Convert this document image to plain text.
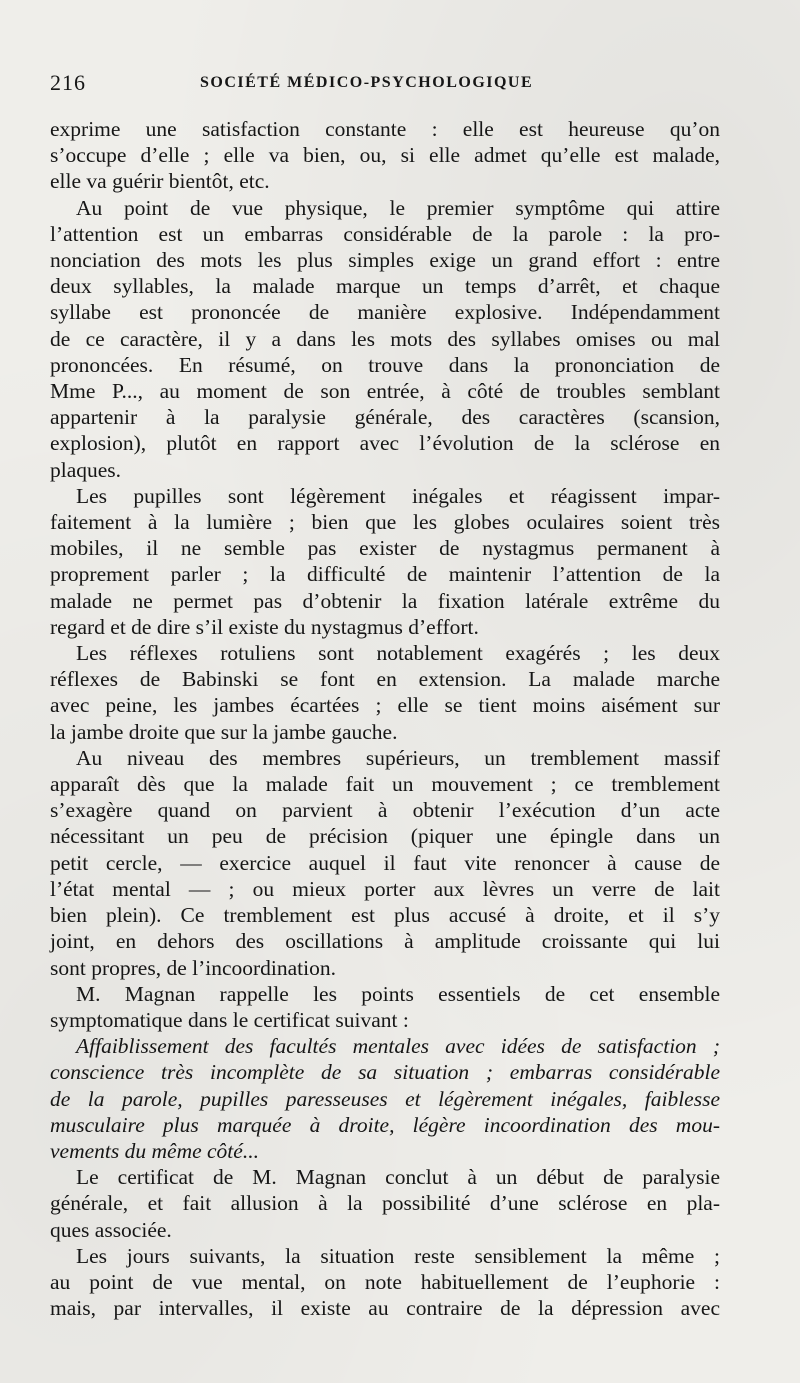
216	SOCIÉTÉ MÉDICO-PSYCHOLOGIQUE
exprime une satisfaction constante : elle est heureuse qu’on
s’occupe d’elle ; elle va bien, ou, si elle admet qu’elle est malade,
elle va guérir bientôt, etc.
Au point de vue physique, le premier symptôme qui attire
l’attention est un embarras considérable de la parole : la pro-
nonciation des mots les plus simples exige un grand effort : entre
deux syllables, la malade marque un temps d’arrêt, et chaque
syllabe est prononcée de manière explosive. Indépendamment
de ce caractère, il y a dans les mots des syllabes omises ou mal
prononcées. En résumé, on trouve dans la prononciation de
Mme P..., au moment de son entrée, à côté de troubles semblant
appartenir à la paralysie générale, des caractères (scansion,
explosion), plutôt en rapport avec l’évolution de la sclérose en
plaques.
Les pupilles sont légèrement inégales et réagissent impar-
faitement à la lumière ; bien que les globes oculaires soient très
mobiles, il ne semble pas exister de nystagmus permanent à
proprement parler ; la difficulté de maintenir l’attention de la
malade ne permet pas d’obtenir la fixation latérale extrême du
regard et de dire s’il existe du nystagmus d’effort.
Les réflexes rotuliens sont notablement exagérés ; les deux
réflexes de Babinski se font en extension. La malade marche
avec peine, les jambes écartées ; elle se tient moins aisément sur
la jambe droite que sur la jambe gauche.
Au niveau des membres supérieurs, un tremblement massif
apparaît dès que la malade fait un mouvement ; ce tremblement
s’exagère quand on parvient à obtenir l’exécution d’un acte
nécessitant un peu de précision (piquer une épingle dans un
petit cercle, — exercice auquel il faut vite renoncer à cause de
l’état mental — ; ou mieux porter aux lèvres un verre de lait
bien plein). Ce tremblement est plus accusé à droite, et il s’y
joint, en dehors des oscillations à amplitude croissante qui lui
sont propres, de l’incoordination.
M. Magnan rappelle les points essentiels de cet ensemble
symptomatique dans le certificat suivant :
Affaiblissement des facultés mentales avec idées de satisfaction ;
conscience très incomplète de sa situation ; embarras considérable
de la parole, pupilles paresseuses et légèrement inégales, faiblesse
musculaire plus marquée à droite, légère incoordination des mou-
vements du même côté...
Le certificat de M. Magnan conclut à un début de paralysie
générale, et fait allusion à la possibilité d’une sclérose en pla-
ques associée.
Les jours suivants, la situation reste sensiblement la même ;
au point de vue mental, on note habituellement de l’euphorie :
mais, par intervalles, il existe au contraire de la dépression avec
